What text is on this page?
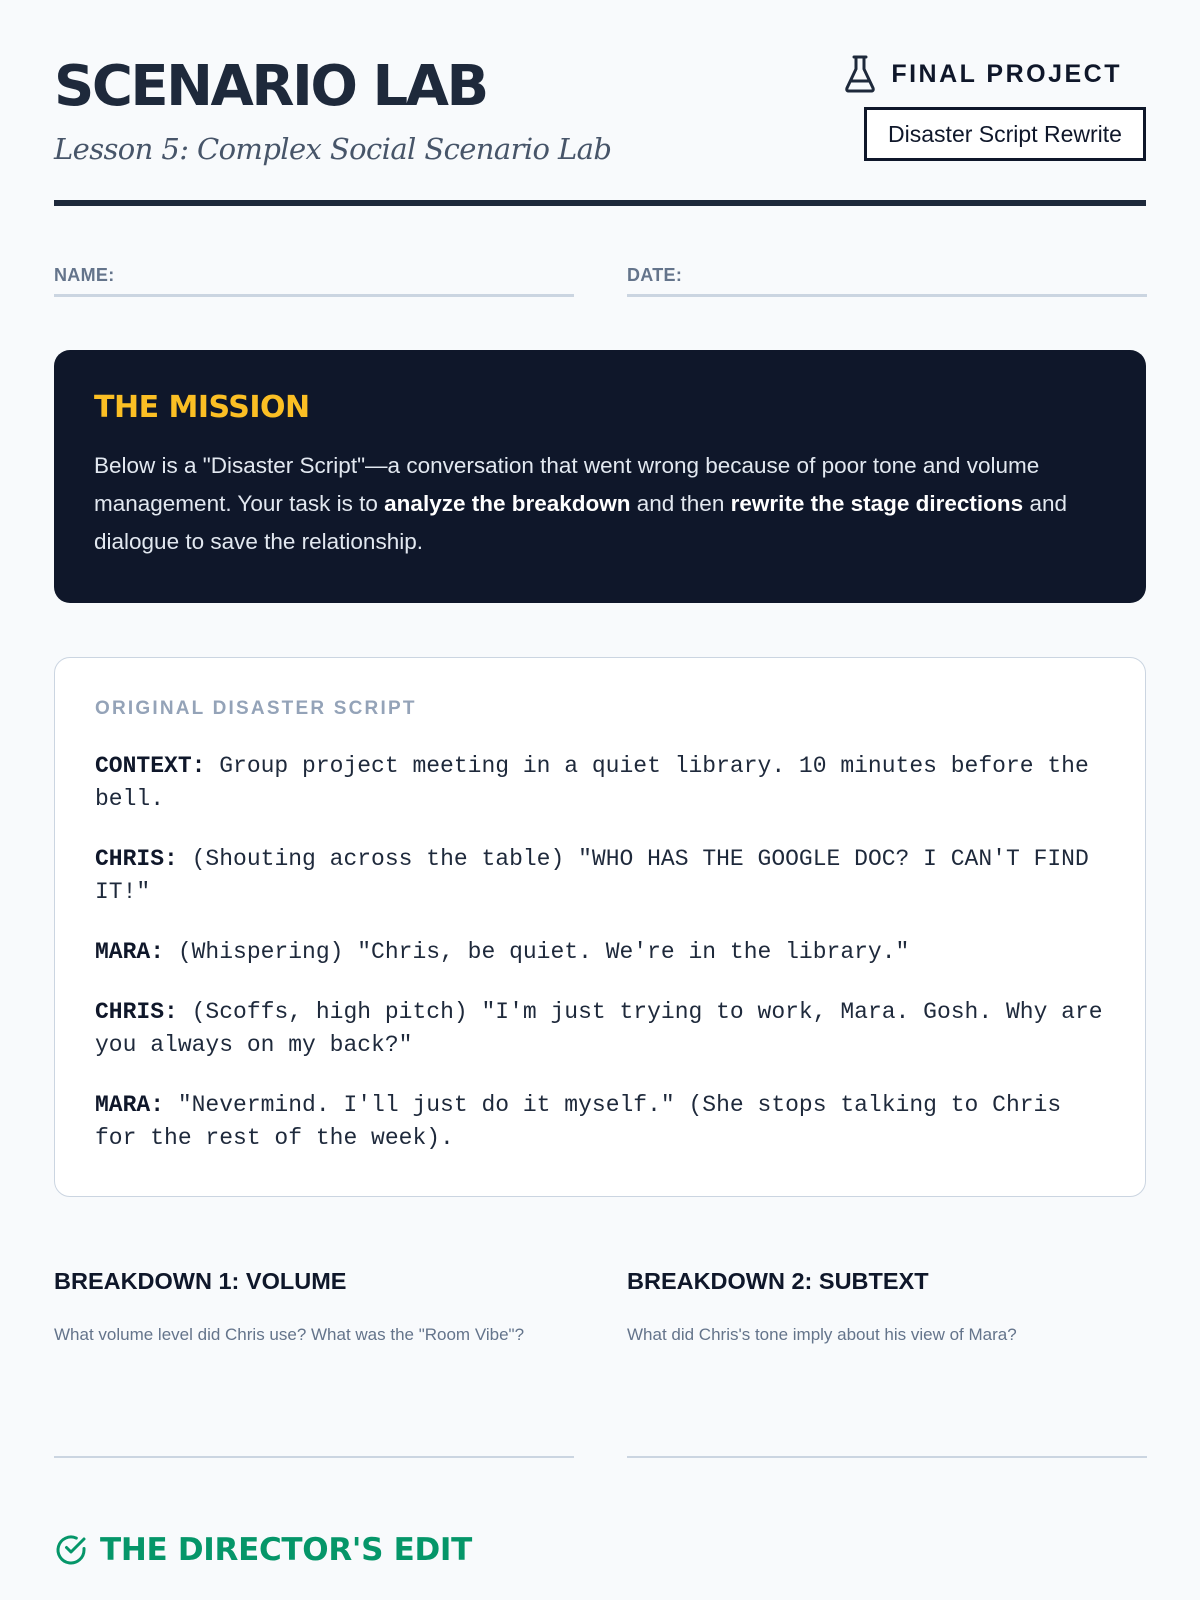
SCENARIO LAB
Lesson 5: Complex Social Scenario Lab
FINAL PROJECT
Disaster Script Rewrite
NAME:	DATE:
THE MISSION

Below is a "Disaster Script"—a conversation that went wrong because of poor tone and volume management. Your task is to analyze the breakdown and then rewrite the stage directions and dialogue to save the relationship.

ORIGINAL DISASTER SCRIPT

CONTEXT: Group project meeting in a quiet library. 10 minutes before the bell.

CHRIS: (Shouting across the table) "WHO HAS THE GOOGLE DOC? I CAN'T FIND IT!"

MARA: (Whispering) "Chris, be quiet. We're in the library."

CHRIS: (Scoffs, high pitch) "I'm just trying to work, Mara. Gosh. Why are you always on my back?"

MARA: "Nevermind. I'll just do it myself." (She stops talking to Chris for the rest of the week).

BREAKDOWN 1: VOLUME
What volume level did Chris use? What was the "Room Vibe"?
BREAKDOWN 2: SUBTEXT
What did Chris's tone imply about his view of Mara?
THE DIRECTOR'S EDIT
